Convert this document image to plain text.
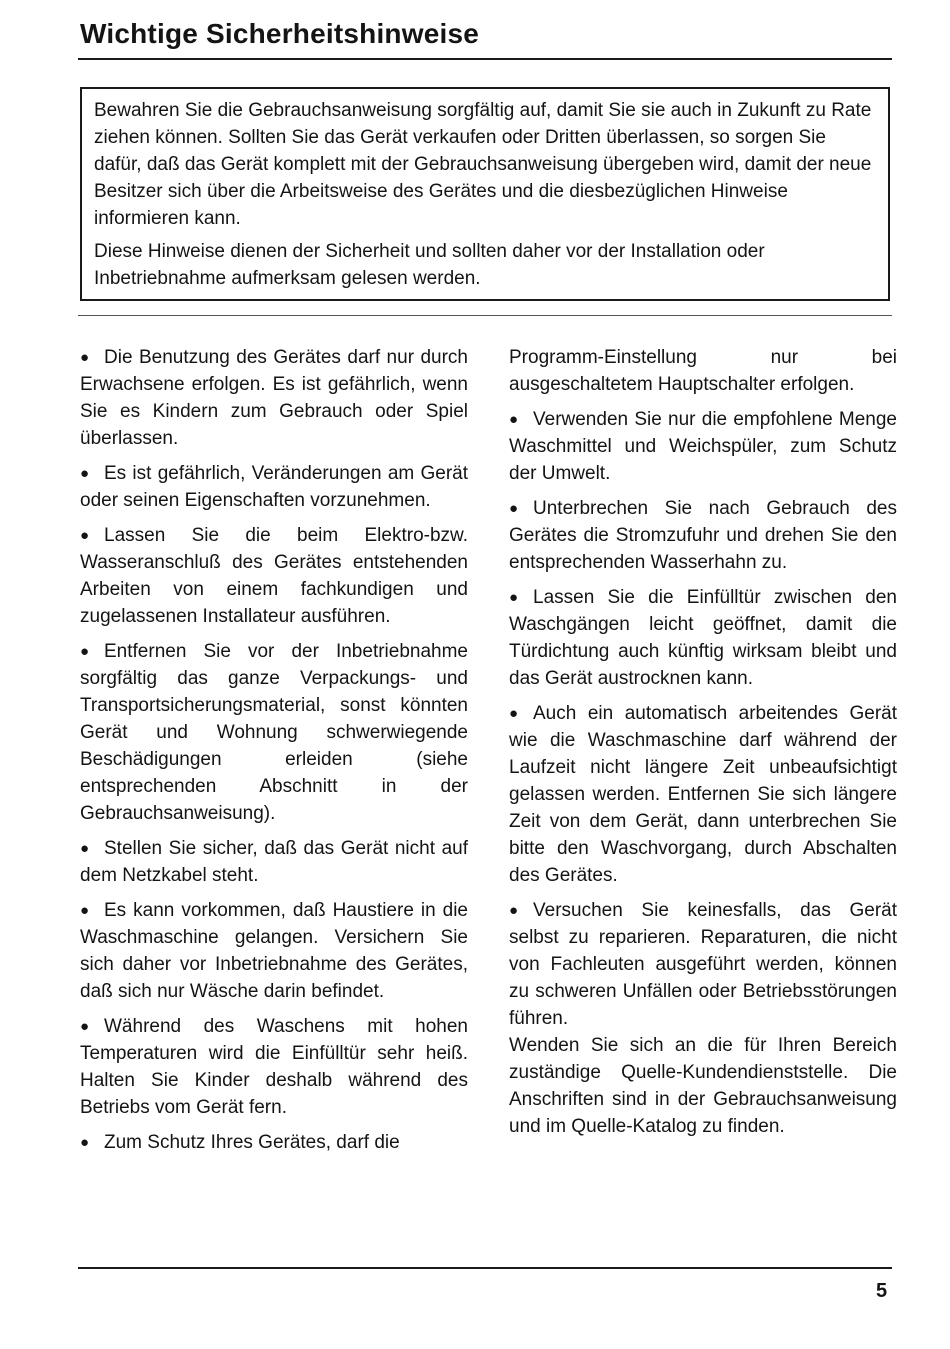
Wichtige Sicherheitshinweise

Bewahren Sie die Gebrauchsanweisung sorgfältig auf, damit Sie sie auch in Zukunft zu Rate ziehen können. Sollten Sie das Gerät verkaufen oder Dritten überlassen, so sorgen Sie dafür, daß das Gerät komplett mit der Gebrauchsanweisung übergeben wird, damit der neue Besitzer sich über die Arbeitsweise des Gerätes und die diesbezüglichen Hinweise informieren kann.

Diese Hinweise dienen der Sicherheit und sollten daher vor der Installation oder Inbetriebnahme aufmerksam gelesen werden.

● Die Benutzung des Gerätes darf nur durch Erwachsene erfolgen. Es ist gefährlich, wenn Sie es Kindern zum Gebrauch oder Spiel überlassen.

● Es ist gefährlich, Veränderungen am Gerät oder seinen Eigenschaften vorzunehmen.

● Lassen Sie die beim Elektro-bzw. Wasseranschluß des Gerätes entstehenden Arbeiten von einem fachkundigen und zugelassenen Installateur ausführen.

● Entfernen Sie vor der Inbetriebnahme sorgfältig das ganze Verpackungs- und Transportsicherungsmaterial, sonst könnten Gerät und Wohnung schwerwiegende Beschädigungen erleiden (siehe entsprechenden Abschnitt in der Gebrauchsanweisung).

● Stellen Sie sicher, daß das Gerät nicht auf dem Netzkabel steht.

● Es kann vorkommen, daß Haustiere in die Waschmaschine gelangen. Versichern Sie sich daher vor Inbetriebnahme des Gerätes, daß sich nur Wäsche darin befindet.

● Während des Waschens mit hohen Temperaturen wird die Einfülltür sehr heiß. Halten Sie Kinder deshalb während des Betriebs vom Gerät fern.

● Zum Schutz Ihres Gerätes, darf die

Programm-Einstellung nur bei ausgeschaltetem Hauptschalter erfolgen.

● Verwenden Sie nur die empfohlene Menge Waschmittel und Weichspüler, zum Schutz der Umwelt.

● Unterbrechen Sie nach Gebrauch des Gerätes die Stromzufuhr und drehen Sie den entsprechenden Wasserhahn zu.

● Lassen Sie die Einfülltür zwischen den Waschgängen leicht geöffnet, damit die Türdichtung auch künftig wirksam bleibt und das Gerät austrocknen kann.

● Auch ein automatisch arbeitendes Gerät wie die Waschmaschine darf während der Laufzeit nicht längere Zeit unbeaufsichtigt gelassen werden. Entfernen Sie sich längere Zeit von dem Gerät, dann unterbrechen Sie bitte den Waschvorgang, durch Abschalten des Gerätes.

● Versuchen Sie keinesfalls, das Gerät selbst zu reparieren. Reparaturen, die nicht von Fachleuten ausgeführt werden, können zu schweren Unfällen oder Betriebsstörungen führen.

Wenden Sie sich an die für Ihren Bereich zuständige Quelle-Kundendienststelle. Die Anschriften sind in der Gebrauchsanweisung und im Quelle-Katalog zu finden.

5
